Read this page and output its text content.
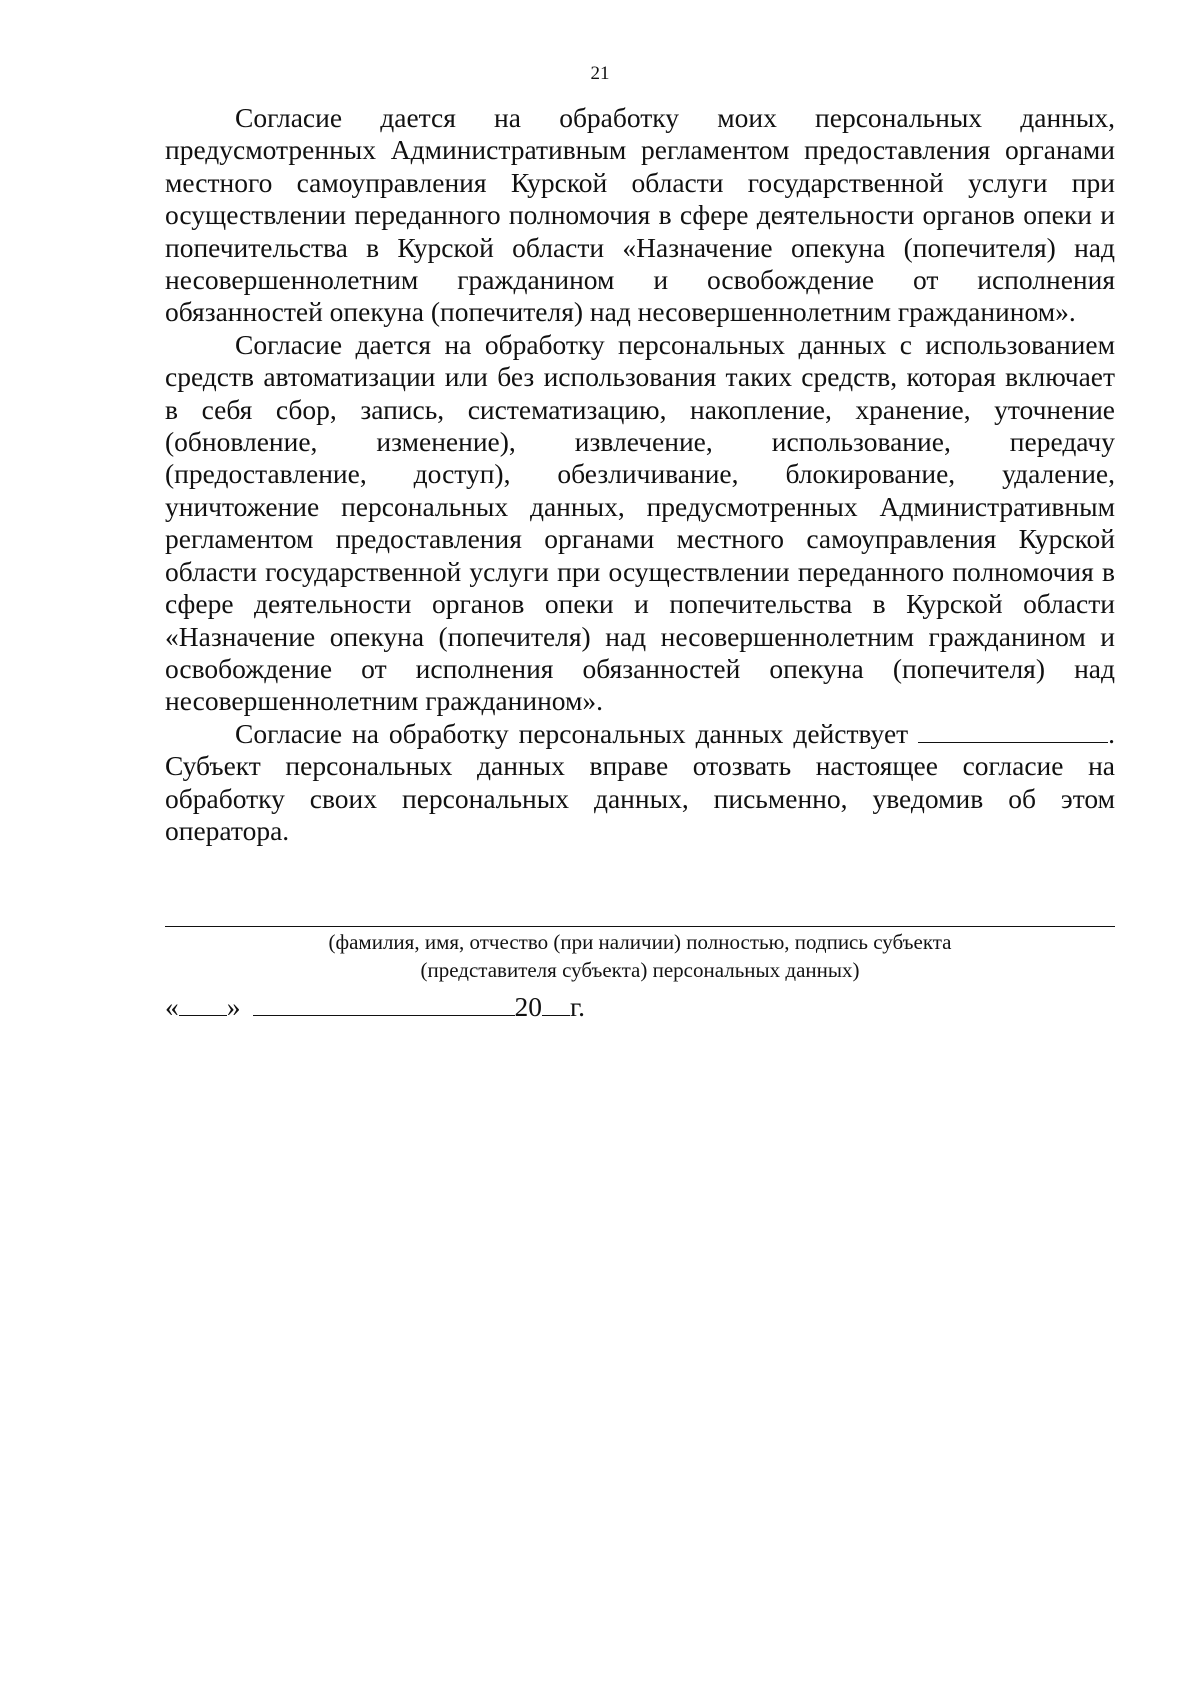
21

Согласие дается на обработку моих персональных данных, предусмотренных Административным регламентом предоставления органами местного самоуправления Курской области государственной услуги при осуществлении переданного полномочия в сфере деятельности органов опеки и попечительства в Курской области «Назначение опекуна (попечителя) над несовершеннолетним гражданином и освобождение от исполнения обязанностей опекуна (попечителя) над несовершеннолетним гражданином».

Согласие дается на обработку персональных данных с использованием средств автоматизации или без использования таких средств, которая включает в себя сбор, запись, систематизацию, накопление, хранение, уточнение (обновление, изменение), извлечение, использование, передачу (предоставление, доступ), обезличивание, блокирование, удаление, уничтожение персональных данных, предусмотренных Административным регламентом предоставления органами местного самоуправления Курской области государственной услуги при осуществлении переданного полномочия в сфере деятельности органов опеки и попечительства в Курской области «Назначение опекуна (попечителя) над несовершеннолетним гражданином и освобождение от исполнения обязанностей опекуна (попечителя) над несовершеннолетним гражданином».

Согласие на обработку персональных данных действует	. Субъект персональных данных вправе отозвать настоящее согласие на обработку своих персональных данных, письменно, уведомив об этом оператора.

(фамилия, имя, отчество (при наличии) полностью, подпись субъекта
(представителя субъекта) персональных данных)
« »	20 г.
